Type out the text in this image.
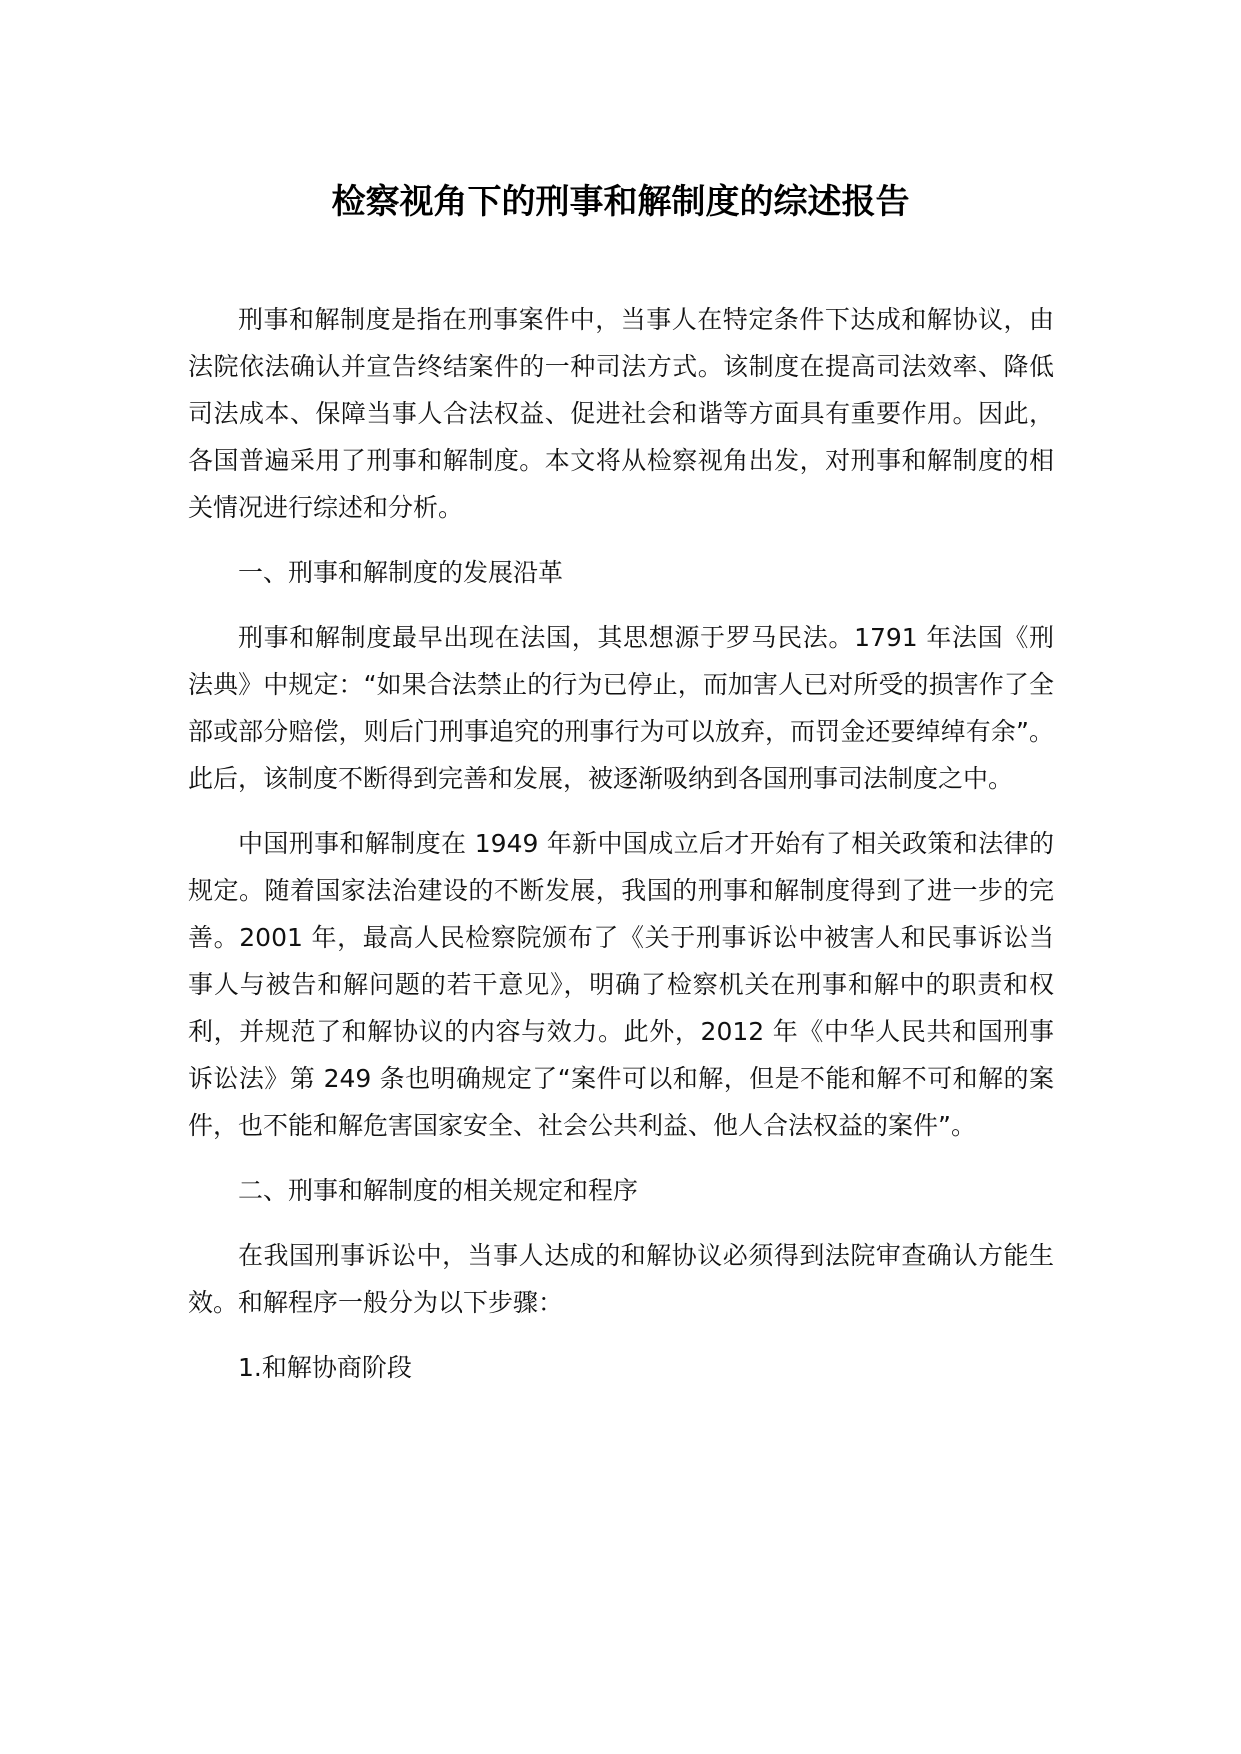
检察视角下的刑事和解制度的综述报告

刑事和解制度是指在刑事案件中，当事人在特定条件下达成和解协议，由法院依法确认并宣告终结案件的一种司法方式。该制度在提高司法效率、降低司法成本、保障当事人合法权益、促进社会和谐等方面具有重要作用。因此，各国普遍采用了刑事和解制度。本文将从检察视角出发，对刑事和解制度的相关情况进行综述和分析。

一、刑事和解制度的发展沿革

刑事和解制度最早出现在法国，其思想源于罗马民法。1791 年法国《刑法典》中规定：“如果合法禁止的行为已停止，而加害人已对所受的损害作了全部或部分赔偿，则后门刑事追究的刑事行为可以放弃，而罚金还要绰绰有余”。此后，该制度不断得到完善和发展，被逐渐吸纳到各国刑事司法制度之中。

中国刑事和解制度在 1949 年新中国成立后才开始有了相关政策和法律的规定。随着国家法治建设的不断发展，我国的刑事和解制度得到了进一步的完善。2001 年，最高人民检察院颁布了《关于刑事诉讼中被害人和民事诉讼当事人与被告和解问题的若干意见》，明确了检察机关在刑事和解中的职责和权利，并规范了和解协议的内容与效力。此外，2012 年《中华人民共和国刑事诉讼法》第 249 条也明确规定了“案件可以和解，但是不能和解不可和解的案件，也不能和解危害国家安全、社会公共利益、他人合法权益的案件”。

二、刑事和解制度的相关规定和程序

在我国刑事诉讼中，当事人达成的和解协议必须得到法院审查确认方能生效。和解程序一般分为以下步骤：

1.和解协商阶段
